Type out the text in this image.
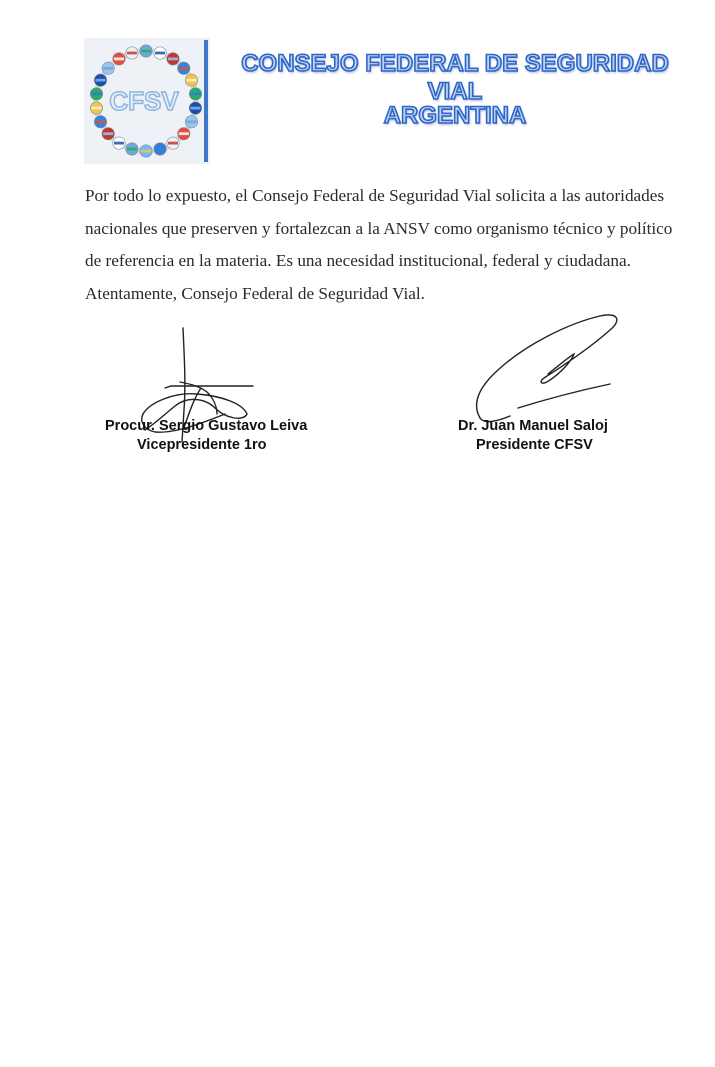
CFSV
CONSEJO FEDERAL DE SEGURIDAD VIAL
ARGENTINA

Por todo lo expuesto, el Consejo Federal de Seguridad Vial solicita a las autoridades nacionales que preserven y fortalezcan a la ANSV como organismo técnico y político de referencia en la materia. Es una necesidad institucional, federal y ciudadana.

Atentamente, Consejo Federal de Seguridad Vial.

Procur. Sergio Gustavo Leiva
Vicepresidente 1ro
Dr. Juan Manuel Saloj
Presidente CFSV
